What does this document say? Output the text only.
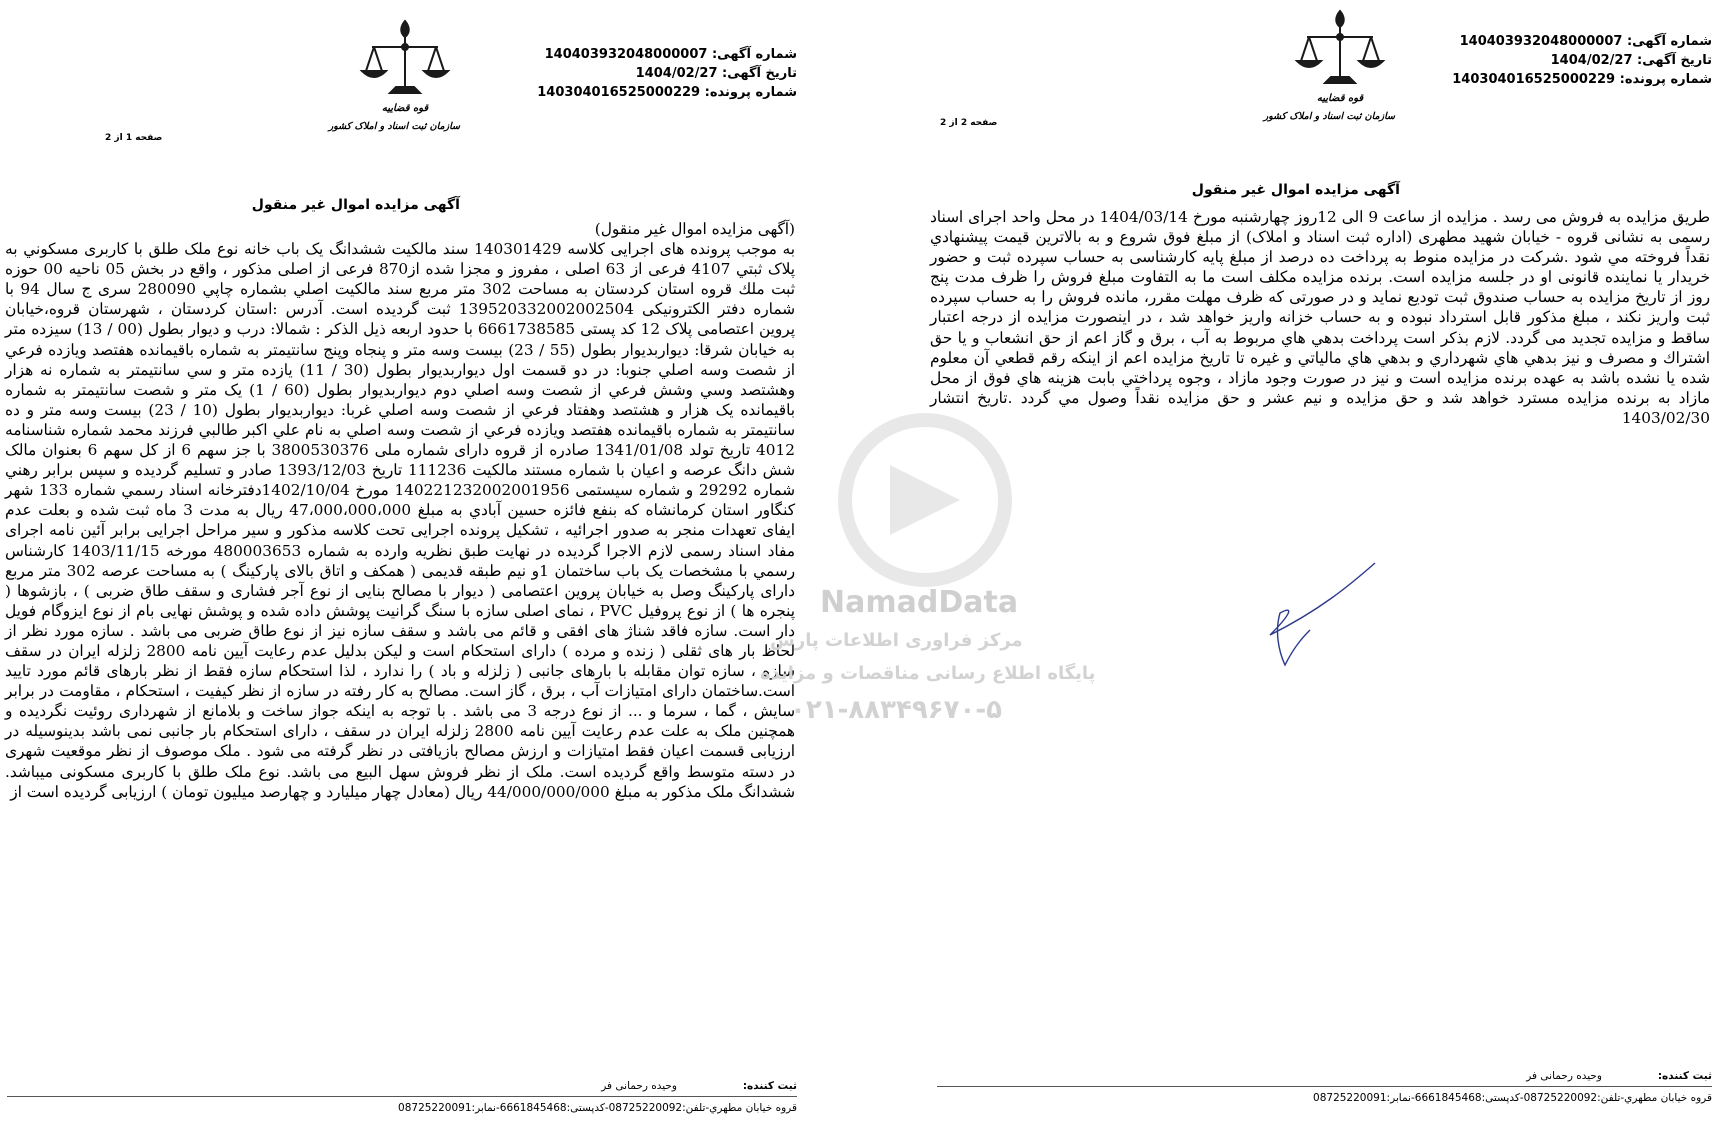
شماره آگهی: 140403932048000007
تاریخ آگهی: 1404/02/27
شماره پرونده: 140304016525000229
قوه قضاییه
سازمان ثبت اسناد و املاک کشور
صفحه 2 از 2
آگهی مزایده اموال غیر منقول

طریق مزایده به فروش می رسد . مزایده از ساعت 9 الی 12روز چهارشنبه مورخ 1404/03/14 در محل واحد اجرای اسناد رسمی به نشانی قروه - خیابان شهید مطهری (اداره ثبت اسناد و املاک) از مبلغ فوق شروع و به بالاترین قیمت پیشنهادي نقداً فروخته مي شود .شرکت در مزایده منوط به پرداخت ده درصد از مبلغ پایه کارشناسی به حساب سپرده ثبت و حضور خریدار یا نماینده قانونی او در جلسه مزایده است. برنده مزایده مکلف است ما به التفاوت مبلغ فروش را ظرف مدت پنج روز از تاریخ مزایده به حساب صندوق ثبت تودیع نماید و در صورتی که ظرف مهلت مقرر، مانده فروش را به حساب سپرده ثبت واریز نکند ، مبلغ مذکور قابل استرداد نبوده و به حساب خزانه واریز خواهد شد ، در اینصورت مزایده از درجه اعتبار ساقط و مزایده تجدید می گردد. لازم بذکر است پرداخت بدهي هاي مربوط به آب ، برق و گاز اعم از حق انشعاب و یا حق اشتراك و مصرف و نیز بدهي هاي شهرداري و بدهي هاي مالیاتي و غیره تا تاریخ مزایده اعم از اینکه رقم قطعي آن معلوم شده یا نشده باشد به عهده برنده مزایده است و نیز در صورت وجود مازاد ، وجوه پرداختي بابت هزینه هاي فوق از محل مازاد به برنده مزایده مسترد خواهد شد و حق مزایده و نیم عشر و حق مزایده نقداً وصول مي گردد .تاریخ انتشار 1403/02/30

ثبت کننده:
وحیده رحمانی فر
قروه خیابان مطهري-تلفن:08725220092-کدپستی:6661845468-نمابر:08725220091
شماره آگهی: 140403932048000007
تاریخ آگهی: 1404/02/27
شماره پرونده: 140304016525000229
قوه قضاییه
سازمان ثبت اسناد و املاک کشور
صفحه 1 از 2
آگهی مزایده اموال غیر منقول

(آگهی مزایده اموال غیر منقول)

به موجب پرونده های اجرایی کلاسه 140301429 سند مالکیت ششدانگ یک باب خانه نوع ملک طلق با کاربری مسکوني به پلاک ثبتي 4107 فرعی از 63 اصلی ، مفروز و مجزا شده از870 فرعی از اصلی مذکور ، واقع در بخش 05 ناحیه 00 حوزه ثبت ملك قروه استان کردستان به مساحت 302 متر مربع سند مالکیت اصلي بشماره چاپي 280090 سری ج سال 94 با شماره دفتر الکترونیکی 139520332002002504 ثبت گردیده است. آدرس :استان کردستان ، شهرستان قروه،خیابان پروین اعتصامی پلاک 12 کد پستی 6661738585 با حدود اربعه ذیل الذکر : شمالا: درب و دیوار بطول (00 / 13) سیزده متر به خیابان شرقا: دیواربدیوار بطول (55 / 23) بیست وسه متر و پنجاه وپنج سانتیمتر به شماره باقیمانده هفتصد ویازده فرعي از شصت وسه اصلي جنوبا: در دو قسمت اول دیواربدیوار بطول (30 / 11) یازده متر و سي سانتیمتر به شماره نه هزار وهشتصد وسي وشش فرعي از شصت وسه اصلي دوم دیواربدیوار بطول (60 / 1) یک متر و شصت سانتیمتر به شماره باقیمانده یک هزار و هشتصد وهفتاد فرعي از شصت وسه اصلي غربا: دیواربدیوار بطول (10 / 23) بیست وسه متر و ده سانتیمتر به شماره باقیمانده هفتصد ویازده فرعي از شصت وسه اصلي به نام علي اکبر طالبي فرزند محمد شماره شناسنامه 4012 تاریخ تولد 1341/01/08 صادره از قروه دارای شماره ملی 3800530376 با جز سهم 6 از کل سهم 6 بعنوان مالک شش دانگ عرصه و اعیان با شماره مستند مالکیت 111236 تاریخ 1393/12/03 صادر و تسلیم گردیده و سپس برابر رهني شماره 29292 و شماره سیستمی 140221232002001956 مورخ 1402/10/04دفترخانه اسناد رسمي شماره 133 شهر کنگاور استان کرمانشاه که بنفع فائزه حسین آبادي به مبلغ 47،000،000،000 ریال به مدت 3 ماه ثبت شده و بعلت عدم ایفای تعهدات منجر به صدور اجرائیه ، تشکیل پرونده اجرایی تحت کلاسه مذکور و سیر مراحل اجرایی برابر آئین نامه اجرای مفاد اسناد رسمی لازم الاجرا گردیده در نهایت طبق نظریه وارده به شماره 480003653 مورخه 1403/11/15 کارشناس رسمي با مشخصات یک باب ساختمان 1و نیم طبقه قدیمی ( همکف و اتاق بالای پارکینگ ) به مساحت عرصه 302 متر مربع دارای پارکینگ وصل به خیابان پروین اعتصامی ( دیوار با مصالح بنایی از نوع آجر فشاری و سقف طاق ضربی ) ، بازشوها ( پنجره ها ) از نوع پروفیل PVC ، نمای اصلی سازه با سنگ گرانیت پوشش داده شده و پوشش نهایی بام از نوع ایزوگام فویل دار است. سازه فاقد شناژ های افقی و قائم می باشد و سقف سازه نیز از نوع طاق ضربی می باشد . سازه مورد نظر از لحاظ بار های ثقلی ( زنده و مرده ) دارای استحکام است و لیکن بدلیل عدم رعایت آیین نامه 2800 زلزله ایران در سقف سازه ، سازه توان مقابله با بارهای جانبی ( زلزله و باد ) را ندارد ، لذا استحکام سازه فقط از نظر بارهای قائم مورد تایید است.ساختمان دارای امتیازات آب ، برق ، گاز است. مصالح به کار رفته در سازه از نظر کیفیت ، استحکام ، مقاومت در برابر سایش ، گما ، سرما و ... از نوع درجه 3 می باشد . با توجه به اینکه جواز ساخت و بلامانع از شهرداری روئیت نگردیده و همچنین ملک به علت عدم رعایت آیین نامه 2800 زلزله ایران در سقف ، دارای استحکام بار جانبی نمی باشد بدینوسیله در ارزیابی قسمت اعیان فقط امتیازات و ارزش مصالح بازیافتی در نظر گرفته می شود . ملک موصوف از نظر موقعیت شهری در دسته متوسط واقع گردیده است. ملک از نظر فروش سهل البیع می باشد. نوع ملک طلق با کاربری مسکونی میباشد. ششدانگ ملک مذکور به مبلغ 44/000/000/000 ریال (معادل چهار میلیارد و چهارصد میلیون تومان ) ارزیابی گردیده است از

ثبت کننده:
وحیده رحمانی فر
قروه خیابان مطهري-تلفن:08725220092-کدپستی:6661845468-نمابر:08725220091
NamadData
مرکز فراوری اطلاعات پارس
پایگاه اطلاع رسانی مناقصات و مزایده
۰۲۱-۸۸۳۴۹۶۷۰-۵
